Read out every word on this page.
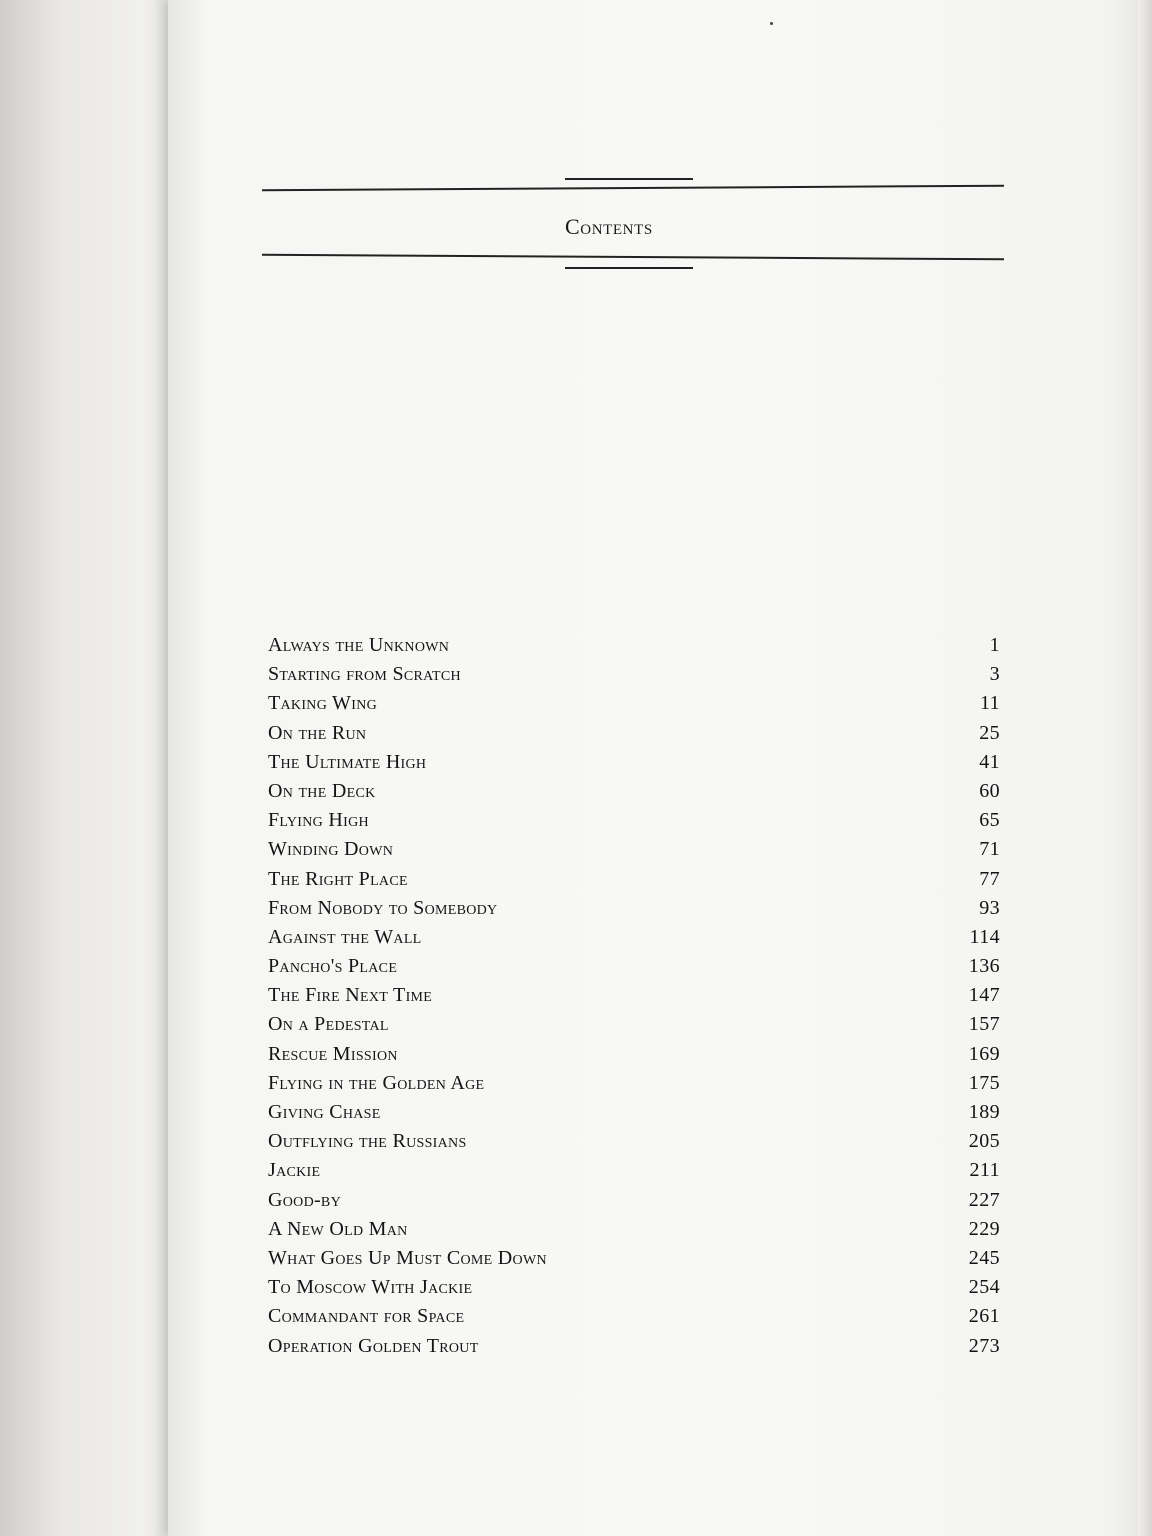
Contents
Always the Unknown	1
Starting from Scratch	3
Taking Wing	11
On the Run	25
The Ultimate High	41
On the Deck	60
Flying High	65
Winding Down	71
The Right Place	77
From Nobody to Somebody	93
Against the Wall	114
Pancho's Place	136
The Fire Next Time	147
On a Pedestal	157
Rescue Mission	169
Flying in the Golden Age	175
Giving Chase	189
Outflying the Russians	205
Jackie	211
Good-by	227
A New Old Man	229
What Goes Up Must Come Down	245
To Moscow With Jackie	254
Commandant for Space	261
Operation Golden Trout	273
